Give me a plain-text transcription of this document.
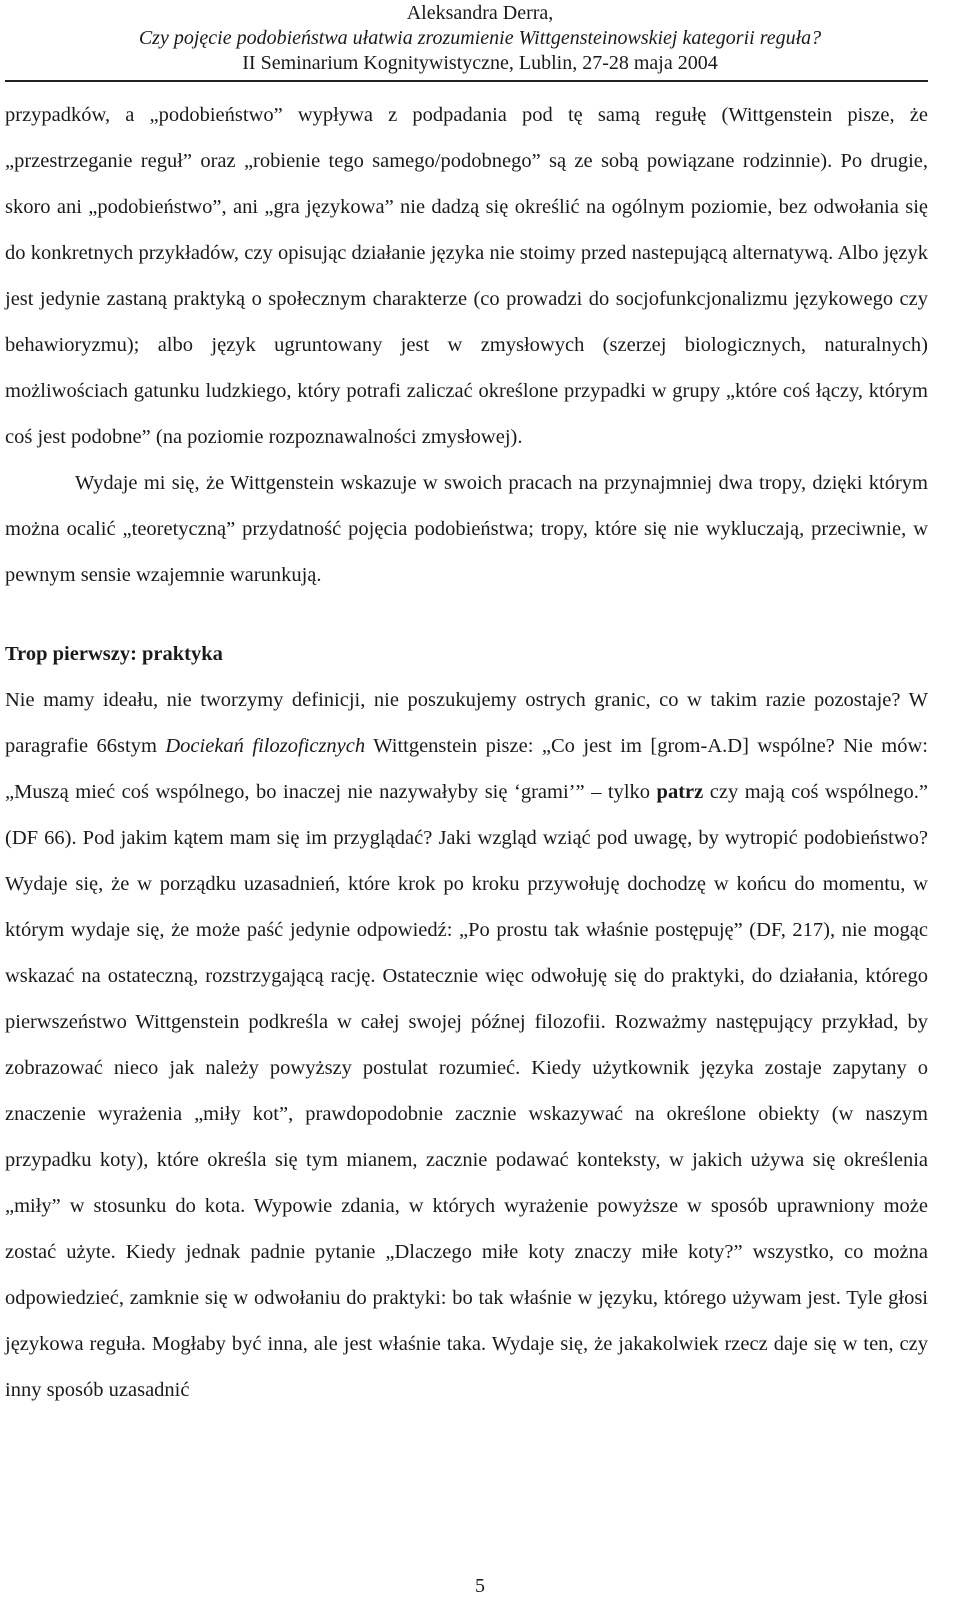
Aleksandra Derra,
Czy pojęcie podobieństwa ułatwia zrozumienie Wittgensteinowskiej kategorii reguła?
II Seminarium Kognitywistyczne, Lublin, 27-28 maja 2004

przypadków, a „podobieństwo” wypływa z podpadania pod tę samą regułę (Wittgenstein pisze, że „przestrzeganie reguł” oraz „robienie tego samego/podobnego” są ze sobą powiązane rodzinnie). Po drugie, skoro ani „podobieństwo”, ani „gra językowa” nie dadzą się określić na ogólnym poziomie, bez odwołania się do konkretnych przykładów, czy opisując działanie języka nie stoimy przed nastepującą alternatywą. Albo język jest jedynie zastaną praktyką o społecznym charakterze (co prowadzi do socjofunkcjonalizmu językowego czy behawioryzmu); albo język ugruntowany jest w zmysłowych (szerzej biologicznych, naturalnych) możliwościach gatunku ludzkiego, który potrafi zaliczać określone przypadki w grupy „które coś łączy, którym coś jest podobne” (na poziomie rozpoznawalności zmysłowej).

Wydaje mi się, że Wittgenstein wskazuje w swoich pracach na przynajmniej dwa tropy, dzięki którym można ocalić „teoretyczną” przydatność pojęcia podobieństwa; tropy, które się nie wykluczają, przeciwnie, w pewnym sensie wzajemnie warunkują.

Trop pierwszy: praktyka

Nie mamy ideału, nie tworzymy definicji, nie poszukujemy ostrych granic, co w takim razie pozostaje? W paragrafie 66stym Dociekań filozoficznych Wittgenstein pisze: „Co jest im [grom-A.D] wspólne? Nie mów: „Muszą mieć coś wspólnego, bo inaczej nie nazywałyby się ‘grami’” – tylko patrz czy mają coś wspólnego.” (DF 66). Pod jakim kątem mam się im przyglądać? Jaki wzgląd wziąć pod uwagę, by wytropić podobieństwo? Wydaje się, że w porządku uzasadnień, które krok po kroku przywołuję dochodzę w końcu do momentu, w którym wydaje się, że może paść jedynie odpowiedź: „Po prostu tak właśnie postępuję” (DF, 217), nie mogąc wskazać na ostateczną, rozstrzygającą rację. Ostatecznie więc odwołuję się do praktyki, do działania, którego pierwszeństwo Wittgenstein podkreśla w całej swojej późnej filozofii. Rozważmy następujący przykład, by zobrazować nieco jak należy powyższy postulat rozumieć. Kiedy użytkownik języka zostaje zapytany o znaczenie wyrażenia „miły kot”, prawdopodobnie zacznie wskazywać na określone obiekty (w naszym przypadku koty), które określa się tym mianem, zacznie podawać konteksty, w jakich używa się określenia „miły” w stosunku do kota. Wypowie zdania, w których wyrażenie powyższe w sposób uprawniony może zostać użyte. Kiedy jednak padnie pytanie „Dlaczego miłe koty znaczy miłe koty?” wszystko, co można odpowiedzieć, zamknie się w odwołaniu do praktyki: bo tak właśnie w języku, którego używam jest. Tyle głosi językowa reguła. Mogłaby być inna, ale jest właśnie taka. Wydaje się, że jakakolwiek rzecz daje się w ten, czy inny sposób uzasadnić

5
